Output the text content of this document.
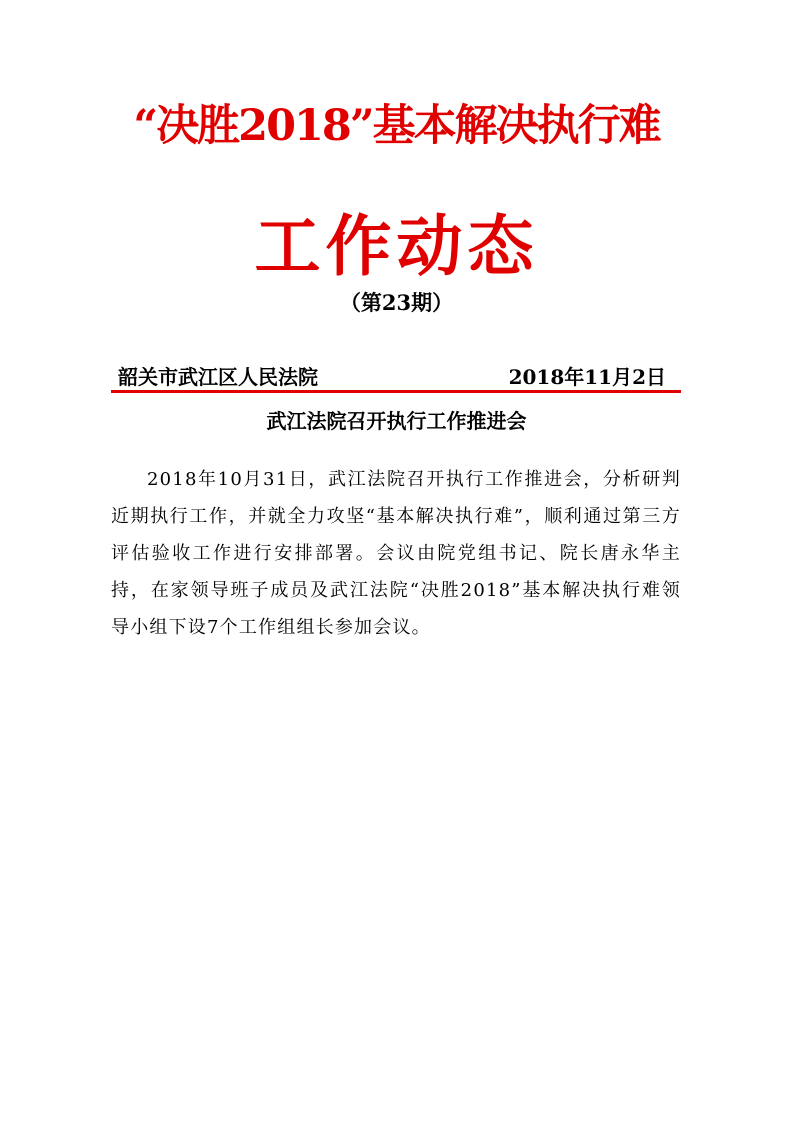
“决胜2018”基本解决执行难
工作动态
（第23期）
韶关市武江区人民法院	2018年11月2日
武江法院召开执行工作推进会
2018年10月31日，武江法院召开执行工作推进会，分析研判近期执行工作，并就全力攻坚“基本解决执行难”，顺利通过第三方评估验收工作进行安排部署。会议由院党组书记、院长唐永华主持，在家领导班子成员及武江法院“决胜2018”基本解决执行难领导小组下设7个工作组组长参加会议。
